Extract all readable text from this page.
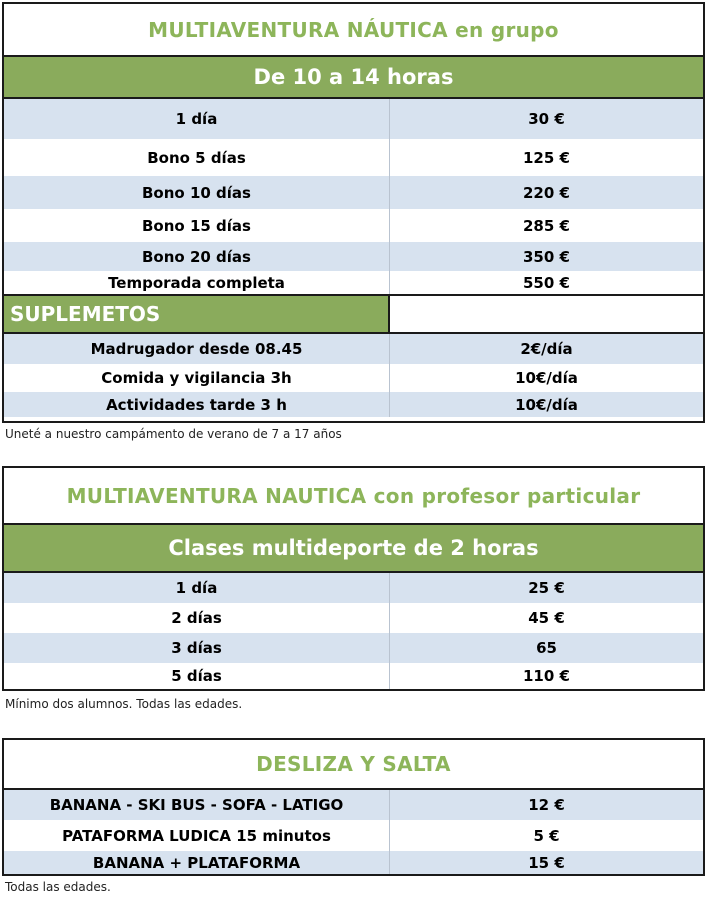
MULTIAVENTURA NÁUTICA en grupo
De 10 a 14 horas
1 día	30 €
Bono 5 días	125 €
Bono 10 días	220 €
Bono 15 días	285 €
Bono 20 días	350 €
Temporada completa	550 €
SUPLEMETOS
Madrugador desde 08.45	2€/día
Comida y vigilancia 3h	10€/día
Actividades tarde 3 h	10€/día
Uneté a nuestro campámento de verano de 7 a 17 años
MULTIAVENTURA NAUTICA con profesor particular
Clases multideporte de 2 horas
1 día	25 €
2 días	45 €
3 días	65
5 días	110 €
Mínimo dos alumnos. Todas las edades.
DESLIZA Y SALTA
BANANA - SKI BUS - SOFA - LATIGO	12 €
PATAFORMA LUDICA 15 minutos	5 €
BANANA + PLATAFORMA	15 €
Todas las edades.
